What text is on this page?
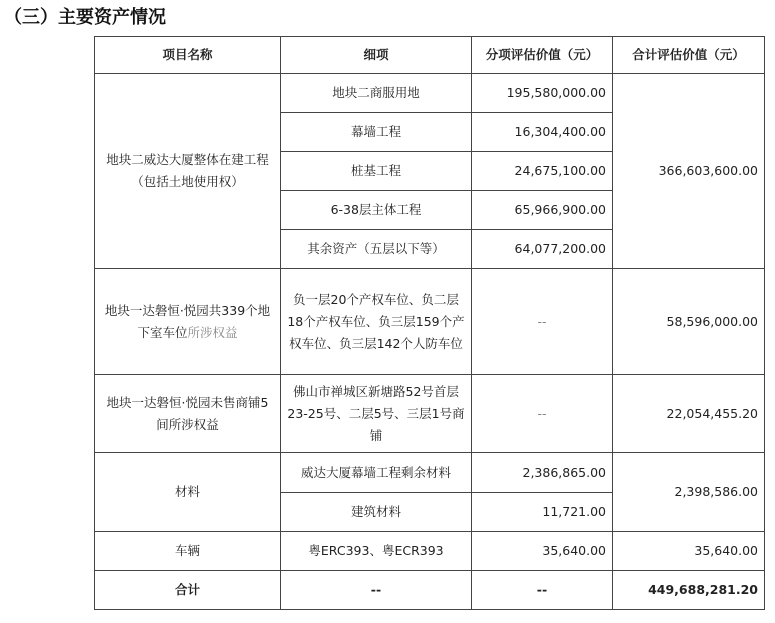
（三）主要资产情况
项目名称	细项	分项评估价值（元）	合计评估价值（元）
地块二威达大厦整体在建工程（包括土地使用权）	地块二商服用地	195,580,000.00	366,603,600.00
	幕墙工程	16,304,400.00	
	桩基工程	24,675,100.00	
	6-38层主体工程	65,966,900.00	
	其余资产（五层以下等）	64,077,200.00	
地块一达磐恒·悦园共339个地下室车位所涉权益	负一层20个产权车位、负二层18个产权车位、负三层159个产权车位、负三层142个人防车位	--	58,596,000.00
地块一达磐恒·悦园未售商铺5间所涉权益	佛山市禅城区新塘路52号首层23-25号、二层5号、三层1号商铺	--	22,054,455.20
材料	威达大厦幕墙工程剩余材料	2,386,865.00	2,398,586.00
	建筑材料	11,721.00	
车辆	粤ERC393、粤ECR393	35,640.00	35,640.00
合计	--	--	449,688,281.20
